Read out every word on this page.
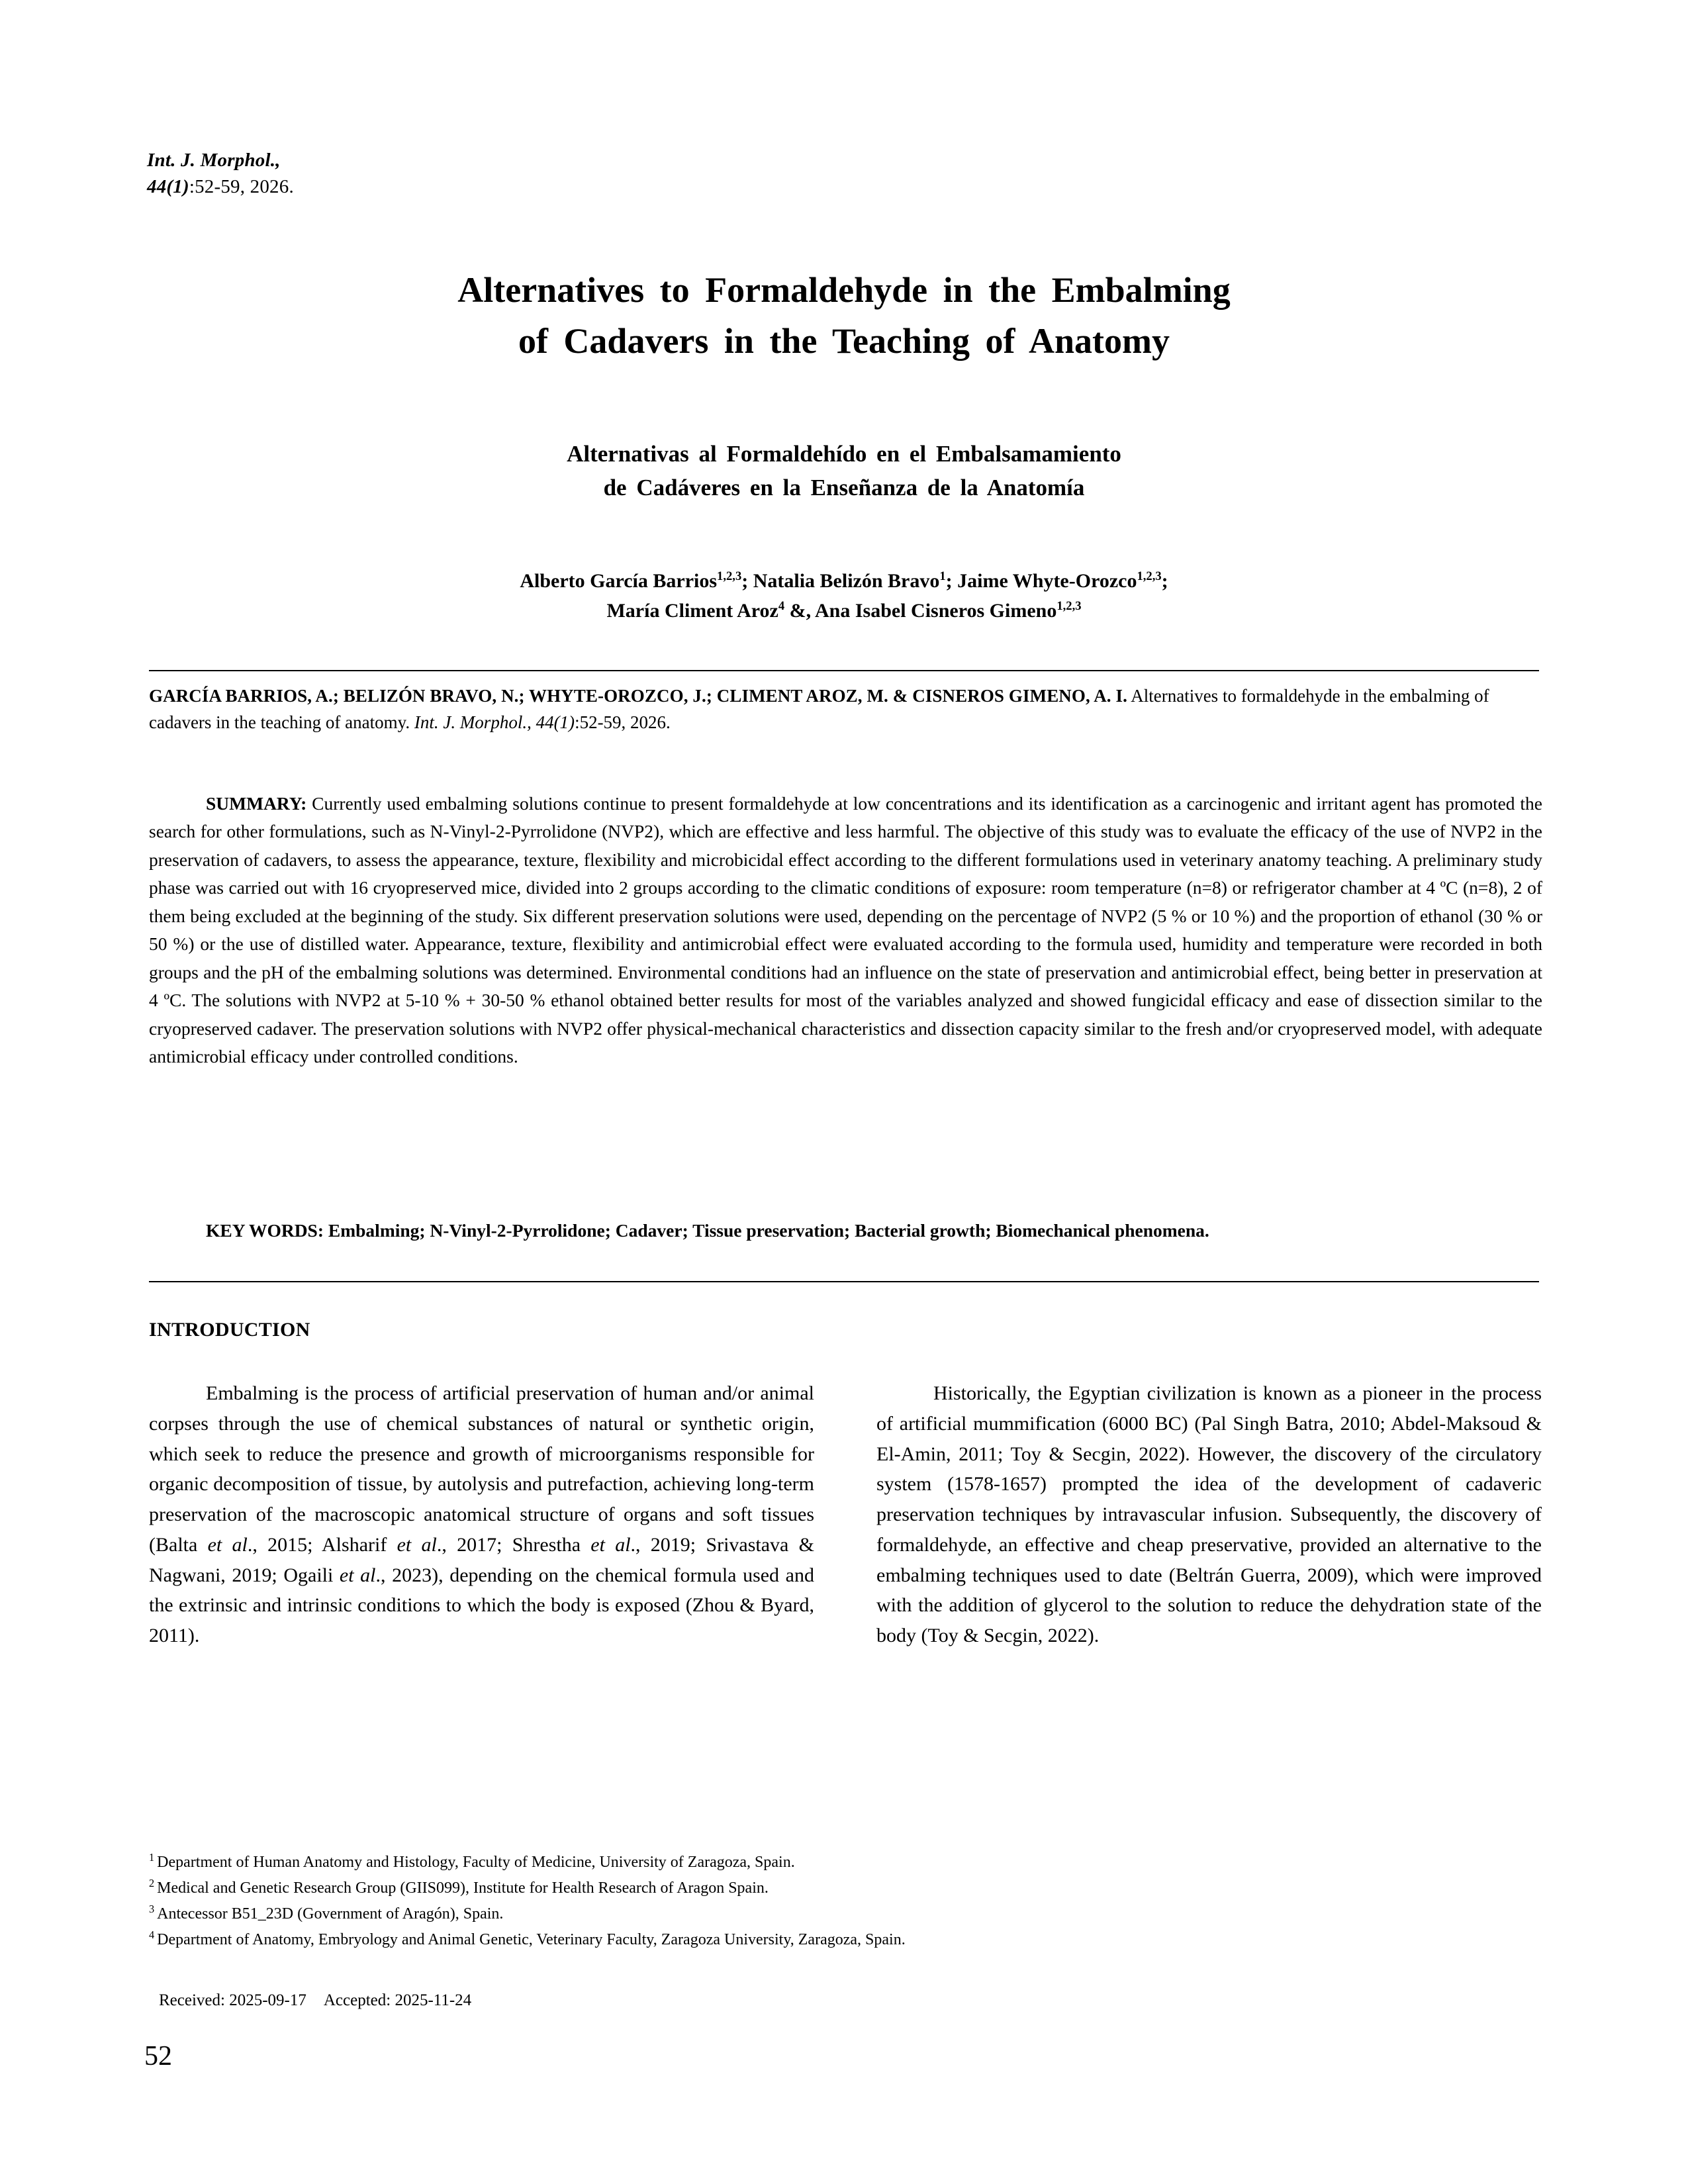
Int. J. Morphol.,
44(1):52-59, 2026.
Alternatives to Formaldehyde in the Embalming
of Cadavers in the Teaching of Anatomy
Alternativas al Formaldehído en el Embalsamamiento
de Cadáveres en la Enseñanza de la Anatomía
Alberto García Barrios$^{1,2,3}$; Natalia Belizón Bravo$^1$; Jaime Whyte-Orozco$^{1,2,3}$;
María Climent Aroz$^4$ &, Ana Isabel Cisneros Gimeno$^{1,2,3}$
GARCÍA BARRIOS, A.; BELIZÓN BRAVO, N.; WHYTE-OROZCO, J.; CLIMENT AROZ, M. & CISNEROS GIMENO, A. I. Alternatives to formaldehyde in the embalming of cadavers in the teaching of anatomy. Int. J. Morphol., 44(1):52-59, 2026.
SUMMARY: Currently used embalming solutions continue to present formaldehyde at low concentrations and its identification as a carcinogenic and irritant agent has promoted the search for other formulations, such as N-Vinyl-2-Pyrrolidone (NVP2), which are effective and less harmful. The objective of this study was to evaluate the efficacy of the use of NVP2 in the preservation of cadavers, to assess the appearance, texture, flexibility and microbicidal effect according to the different formulations used in veterinary anatomy teaching. A preliminary study phase was carried out with 16 cryopreserved mice, divided into 2 groups according to the climatic conditions of exposure: room temperature (n=8) or refrigerator chamber at 4 ºC (n=8), 2 of them being excluded at the beginning of the study. Six different preservation solutions were used, depending on the percentage of NVP2 (5 % or 10 %) and the proportion of ethanol (30 % or 50 %) or the use of distilled water. Appearance, texture, flexibility and antimicrobial effect were evaluated according to the formula used, humidity and temperature were recorded in both groups and the pH of the embalming solutions was determined. Environmental conditions had an influence on the state of preservation and antimicrobial effect, being better in preservation at 4 ºC. The solutions with NVP2 at 5-10 % + 30-50 % ethanol obtained better results for most of the variables analyzed and showed fungicidal efficacy and ease of dissection similar to the cryopreserved cadaver. The preservation solutions with NVP2 offer physical-mechanical characteristics and dissection capacity similar to the fresh and/or cryopreserved model, with adequate antimicrobial efficacy under controlled conditions.
KEY WORDS: Embalming; N-Vinyl-2-Pyrrolidone; Cadaver; Tissue preservation; Bacterial growth; Biomechanical phenomena.
INTRODUCTION

Embalming is the process of artificial preservation of human and/or animal corpses through the use of chemical substances of natural or synthetic origin, which seek to reduce the presence and growth of microorganisms responsible for organic decomposition of tissue, by autolysis and putrefaction, achieving long-term preservation of the macroscopic anatomical structure of organs and soft tissues (Balta et al., 2015; Alsharif et al., 2017; Shrestha et al., 2019; Srivastava & Nagwani, 2019; Ogaili et al., 2023), depending on the chemical formula used and the extrinsic and intrinsic conditions to which the body is exposed (Zhou & Byard, 2011).

Historically, the Egyptian civilization is known as a pioneer in the process of artificial mummification (6000 BC) (Pal Singh Batra, 2010; Abdel-Maksoud & El-Amin, 2011; Toy & Secgin, 2022). However, the discovery of the circulatory system (1578-1657) prompted the idea of the development of cadaveric preservation techniques by intravascular infusion. Subsequently, the discovery of formaldehyde, an effective and cheap preservative, provided an alternative to the embalming techniques used to date (Beltrán Guerra, 2009), which were improved with the addition of glycerol to the solution to reduce the dehydration state of the body (Toy & Secgin, 2022).

$^1$ Department of Human Anatomy and Histology, Faculty of Medicine, University of Zaragoza, Spain.
$^2$ Medical and Genetic Research Group (GIIS099), Institute for Health Research of Aragon Spain.
$^3$ Antecessor B51_23D (Government of Aragón), Spain.
$^4$ Department of Anatomy, Embryology and Animal Genetic, Veterinary Faculty, Zaragoza University, Zaragoza, Spain.
Received: 2025-09-17 Accepted: 2025-11-24
52
